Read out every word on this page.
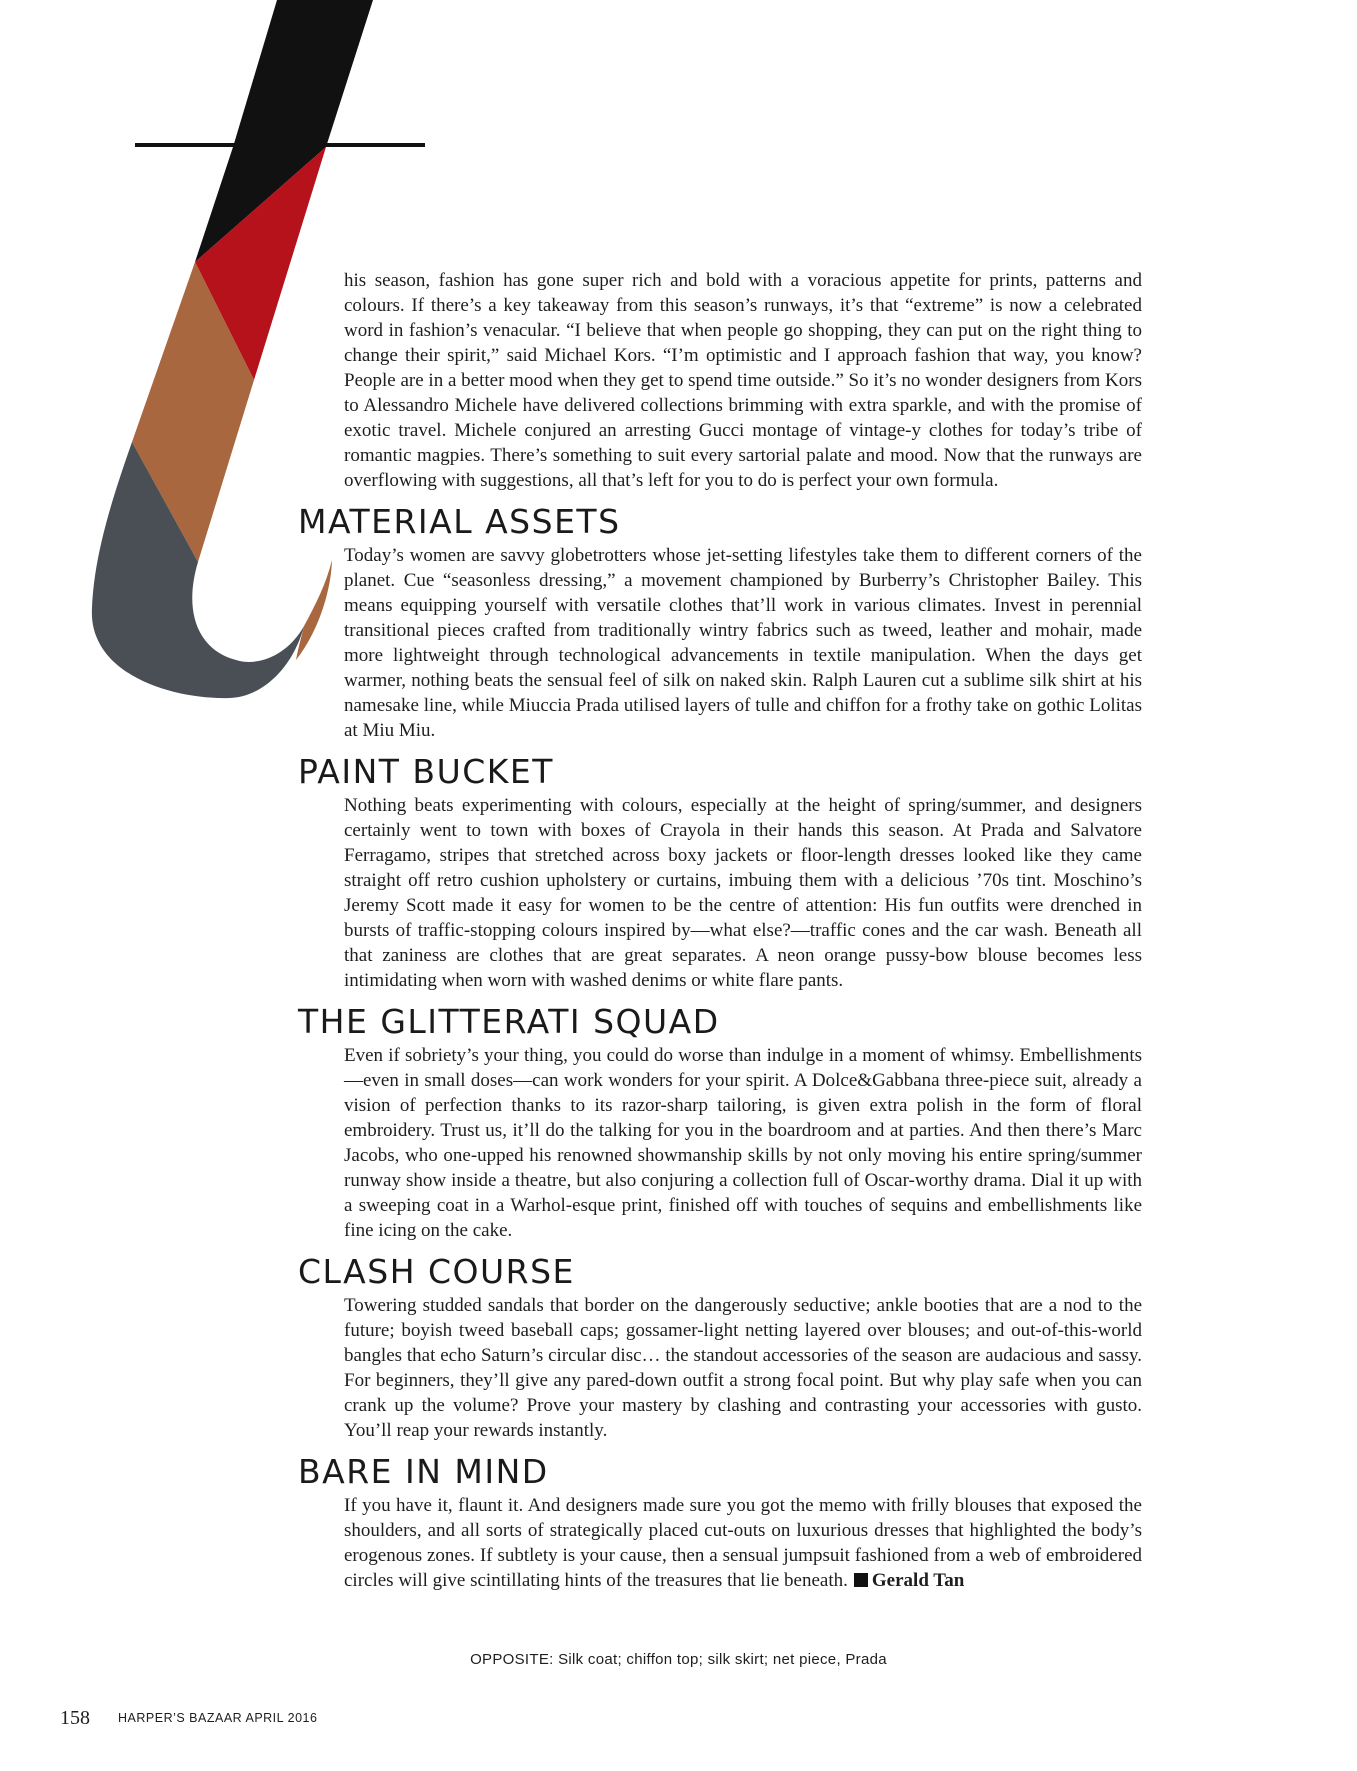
his season, fashion has gone super rich and bold with a voracious appetite for prints, patterns and colours. If there’s a key takeaway from this season’s runways, it’s that “extreme” is now a celebrated word in fashion’s venacular. “I believe that when people go shopping, they can put on the right thing to change their spirit,” said Michael Kors. “I’m optimistic and I approach fashion that way, you know? People are in a better mood when they get to spend time outside.” So it’s no wonder designers from Kors to Alessandro Michele have delivered collections brimming with extra sparkle, and with the promise of exotic travel. Michele conjured an arresting Gucci montage of vintage-y clothes for today’s tribe of romantic magpies. There’s something to suit every sartorial palate and mood. Now that the runways are overflowing with suggestions, all that’s left for you to do is perfect your own formula.

MATERIAL ASSETS

Today’s women are savvy globetrotters whose jet-setting lifestyles take them to different corners of the planet. Cue “seasonless dressing,” a movement championed by Burberry’s Christopher Bailey. This means equipping yourself with versatile clothes that’ll work in various climates. Invest in perennial transitional pieces crafted from traditionally wintry fabrics such as tweed, leather and mohair, made more lightweight through technological advancements in textile manipulation. When the days get warmer, nothing beats the sensual feel of silk on naked skin. Ralph Lauren cut a sublime silk shirt at his namesake line, while Miuccia Prada utilised layers of tulle and chiffon for a frothy take on gothic Lolitas at Miu Miu.

PAINT BUCKET

Nothing beats experimenting with colours, especially at the height of spring/summer, and designers certainly went to town with boxes of Crayola in their hands this season. At Prada and Salvatore Ferragamo, stripes that stretched across boxy jackets or floor-length dresses looked like they came straight off retro cushion upholstery or curtains, imbuing them with a delicious ’70s tint. Moschino’s Jeremy Scott made it easy for women to be the centre of attention: His fun outfits were drenched in bursts of traffic-stopping colours inspired by—what else?—traffic cones and the car wash. Beneath all that zaniness are clothes that are great separates. A neon orange pussy-bow blouse becomes less intimidating when worn with washed denims or white flare pants.

THE GLITTERATI SQUAD

Even if sobriety’s your thing, you could do worse than indulge in a moment of whimsy. Embellishments—even in small doses—can work wonders for your spirit. A Dolce&Gabbana three-piece suit, already a vision of perfection thanks to its razor-sharp tailoring, is given extra polish in the form of floral embroidery. Trust us, it’ll do the talking for you in the boardroom and at parties. And then there’s Marc Jacobs, who one-upped his renowned showmanship skills by not only moving his entire spring/summer runway show inside a theatre, but also conjuring a collection full of Oscar-worthy drama. Dial it up with a sweeping coat in a Warhol-esque print, finished off with touches of sequins and embellishments like fine icing on the cake.

CLASH COURSE

Towering studded sandals that border on the dangerously seductive; ankle booties that are a nod to the future; boyish tweed baseball caps; gossamer-light netting layered over blouses; and out-of-this-world bangles that echo Saturn’s circular disc… the standout accessories of the season are audacious and sassy. For beginners, they’ll give any pared-down outfit a strong focal point. But why play safe when you can crank up the volume? Prove your mastery by clashing and contrasting your accessories with gusto. You’ll reap your rewards instantly.

BARE IN MIND

If you have it, flaunt it. And designers made sure you got the memo with frilly blouses that exposed the shoulders, and all sorts of strategically placed cut-outs on luxurious dresses that highlighted the body’s erogenous zones. If subtlety is your cause, then a sensual jumpsuit fashioned from a web of embroidered circles will give scintillating hints of the treasures that lie beneath. Gerald Tan

OPPOSITE: Silk coat; chiffon top; silk skirt; net piece, Prada
158 HARPER’S BAZAAR APRIL 2016
